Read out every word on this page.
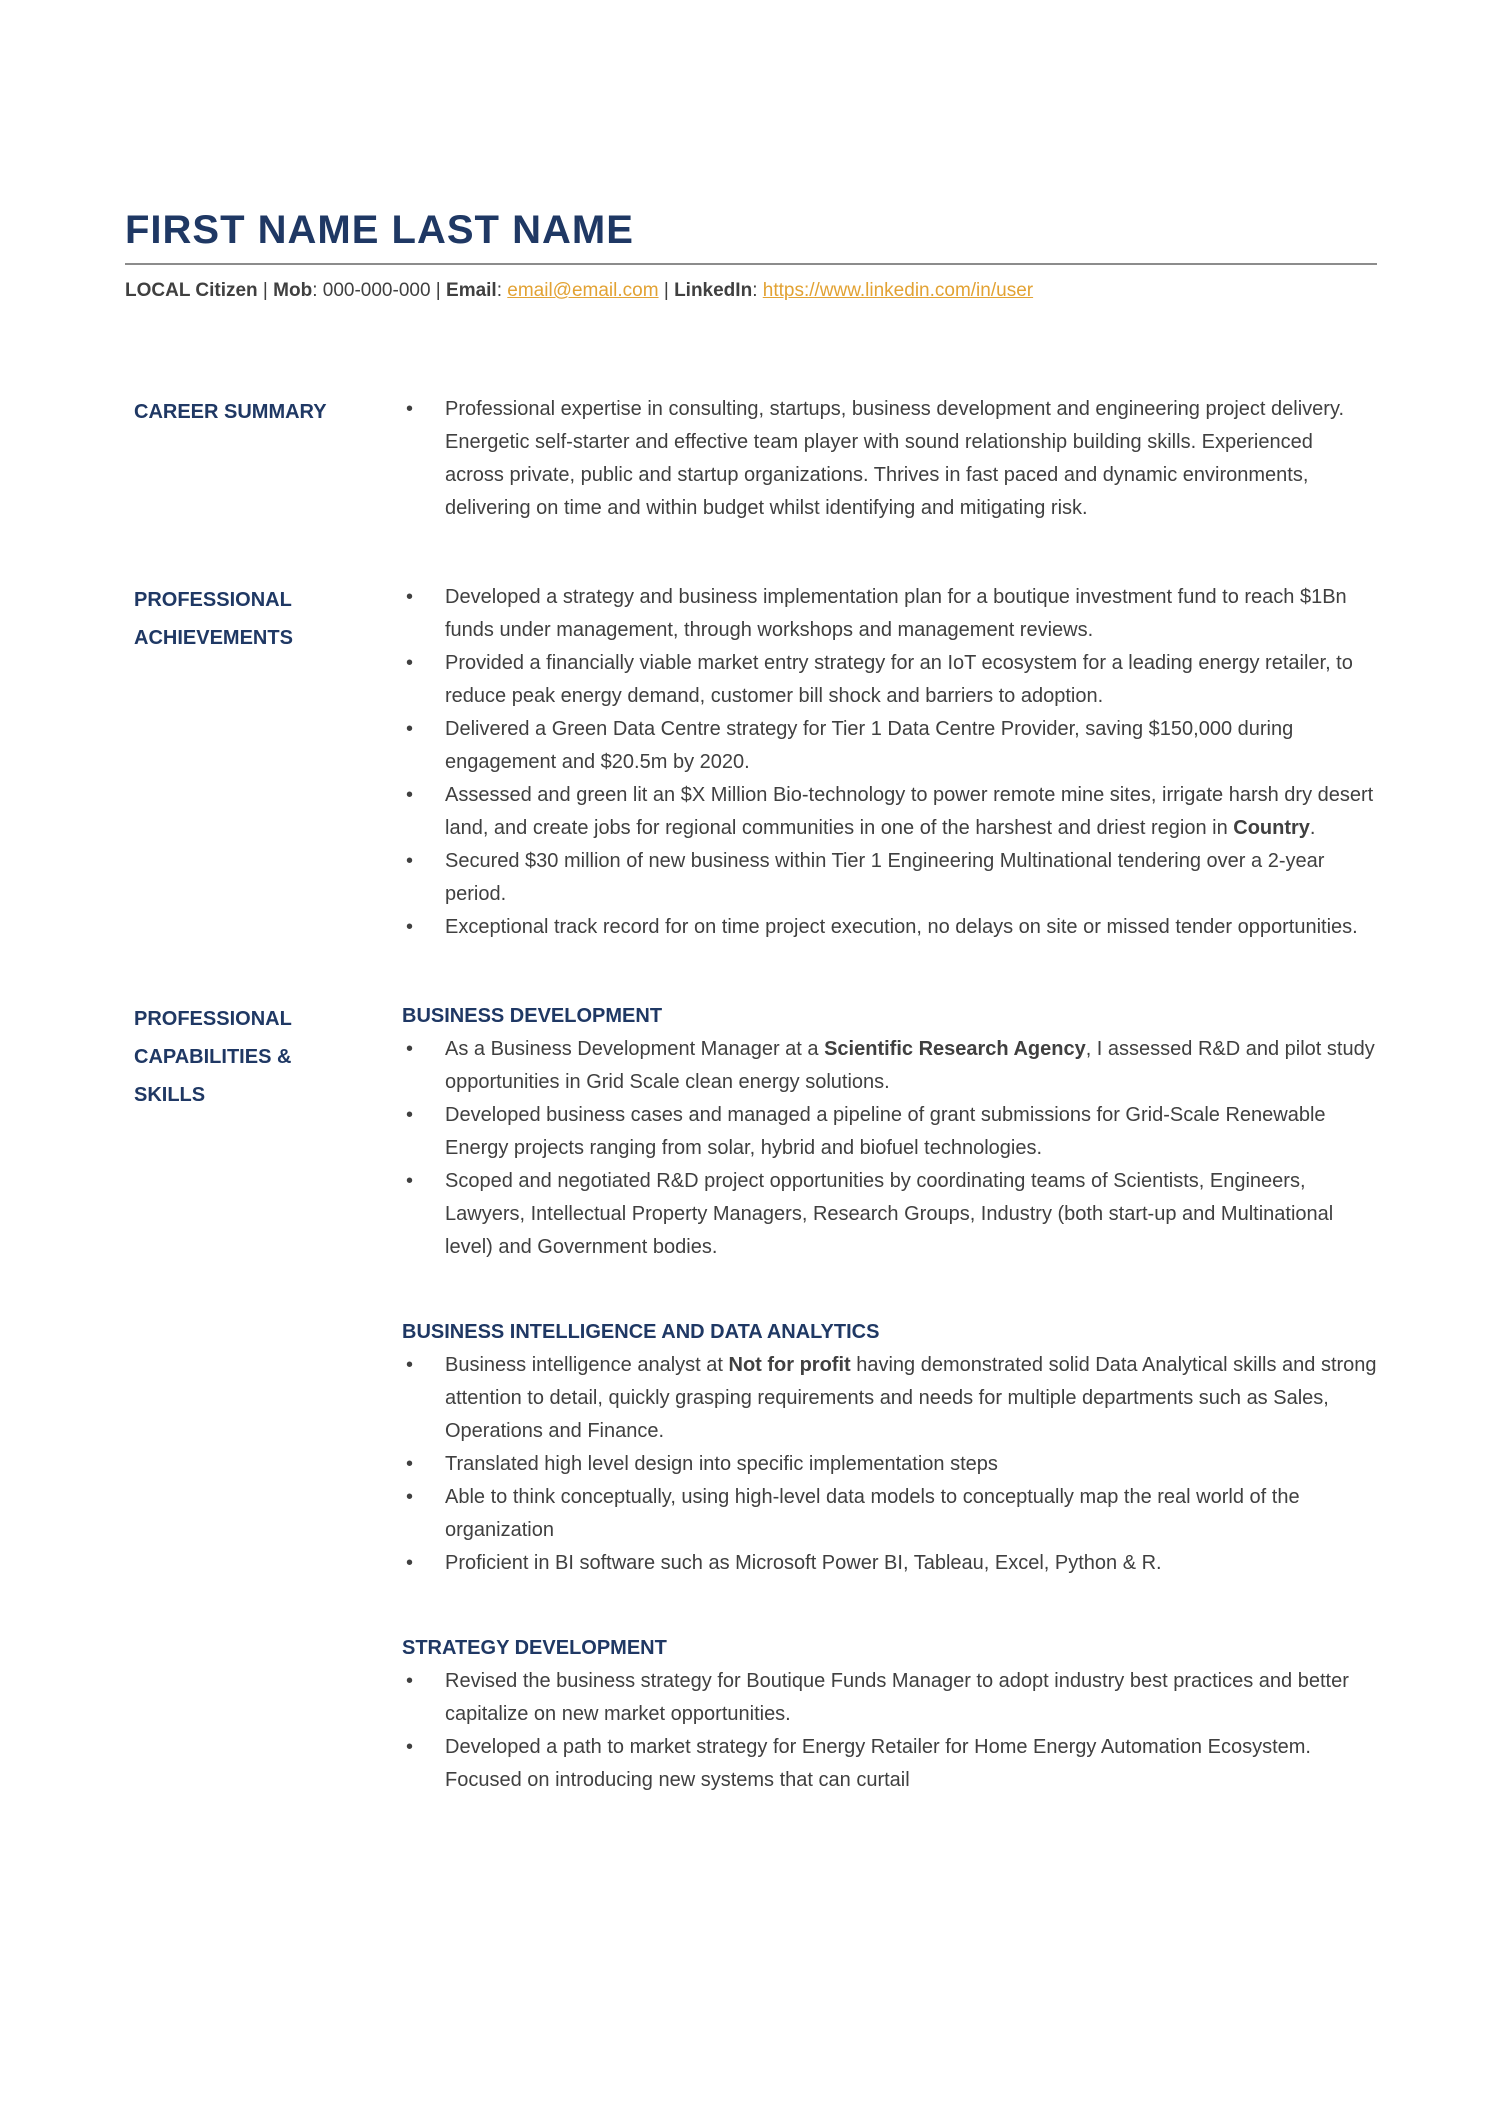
FIRST NAME LAST NAME
LOCAL Citizen | Mob: 000-000-000 | Email: email@email.com | LinkedIn: https://www.linkedin.com/in/user
CAREER SUMMARY	• Professional expertise in consulting, startups, business development and engineering project delivery. Energetic self-starter and effective team player with sound relationship building skills. Experienced across private, public and startup organizations. Thrives in fast paced and dynamic environments, delivering on time and within budget whilst identifying and mitigating risk.
PROFESSIONAL
ACHIEVEMENTS
• Developed a strategy and business implementation plan for a boutique investment fund to reach $1Bn funds under management, through workshops and management reviews.
• Provided a financially viable market entry strategy for an IoT ecosystem for a leading energy retailer, to reduce peak energy demand, customer bill shock and barriers to adoption.
• Delivered a Green Data Centre strategy for Tier 1 Data Centre Provider, saving $150,000 during engagement and $20.5m by 2020.
• Assessed and green lit an $X Million Bio-technology to power remote mine sites, irrigate harsh dry desert land, and create jobs for regional communities in one of the harshest and driest region in Country.
• Secured $30 million of new business within Tier 1 Engineering Multinational tendering over a 2-year period.
• Exceptional track record for on time project execution, no delays on site or missed tender opportunities.
PROFESSIONAL
CAPABILITIES &
SKILLS
BUSINESS DEVELOPMENT
• As a Business Development Manager at a Scientific Research Agency, I assessed R&D and pilot study opportunities in Grid Scale clean energy solutions.
• Developed business cases and managed a pipeline of grant submissions for Grid-Scale Renewable Energy projects ranging from solar, hybrid and biofuel technologies.
• Scoped and negotiated R&D project opportunities by coordinating teams of Scientists, Engineers, Lawyers, Intellectual Property Managers, Research Groups, Industry (both start-up and Multinational level) and Government bodies.
BUSINESS INTELLIGENCE AND DATA ANALYTICS
• Business intelligence analyst at Not for profit having demonstrated solid Data Analytical skills and strong attention to detail, quickly grasping requirements and needs for multiple departments such as Sales, Operations and Finance.
• Translated high level design into specific implementation steps
• Able to think conceptually, using high-level data models to conceptually map the real world of the organization
• Proficient in BI software such as Microsoft Power BI, Tableau, Excel, Python & R.
STRATEGY DEVELOPMENT
• Revised the business strategy for Boutique Funds Manager to adopt industry best practices and better capitalize on new market opportunities.
• Developed a path to market strategy for Energy Retailer for Home Energy Automation Ecosystem. Focused on introducing new systems that can curtail
